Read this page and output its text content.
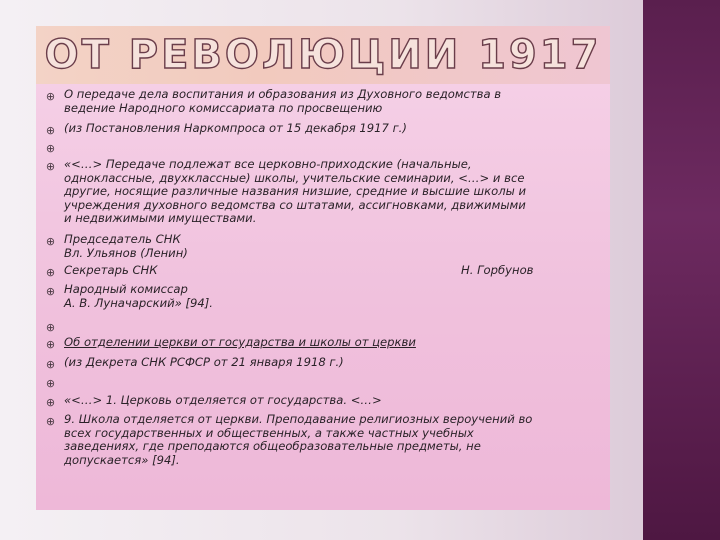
ОТ РЕВОЛЮЦИИ 1917
⊕ О передаче дела воспитания и образования из Духовного ведомства в
ведение Народного комиссариата по просвещению
⊕ (из Постановления Наркомпроса от 15 декабря 1917 г.)
⊕
⊕ «<…> Передаче подлежат все церковно-приходские (начальные,
одноклассные, двухклассные) школы, учительские семинарии, <…> и все
другие, носящие различные названия низшие, средние и высшие школы и
учреждения духовного ведомства со штатами, ассигновками, движимыми
и недвижимыми имуществами.
⊕ Председатель СНК
Вл. Ульянов (Ленин)
⊕ Секретарь СНК	Н. Горбунов
⊕ Народный комиссар
А. В. Луначарский» [94].
⊕
⊕ Об отделении церкви от государства и школы от церкви
⊕ (из Декрета СНК РСФСР от 21 января 1918 г.)
⊕
⊕ «<…> 1. Церковь отделяется от государства. <…>
⊕ 9. Школа отделяется от церкви. Преподавание религиозных вероучений во
всех государственных и общественных, а также частных учебных
заведениях, где преподаются общеобразовательные предметы, не
допускается» [94].
